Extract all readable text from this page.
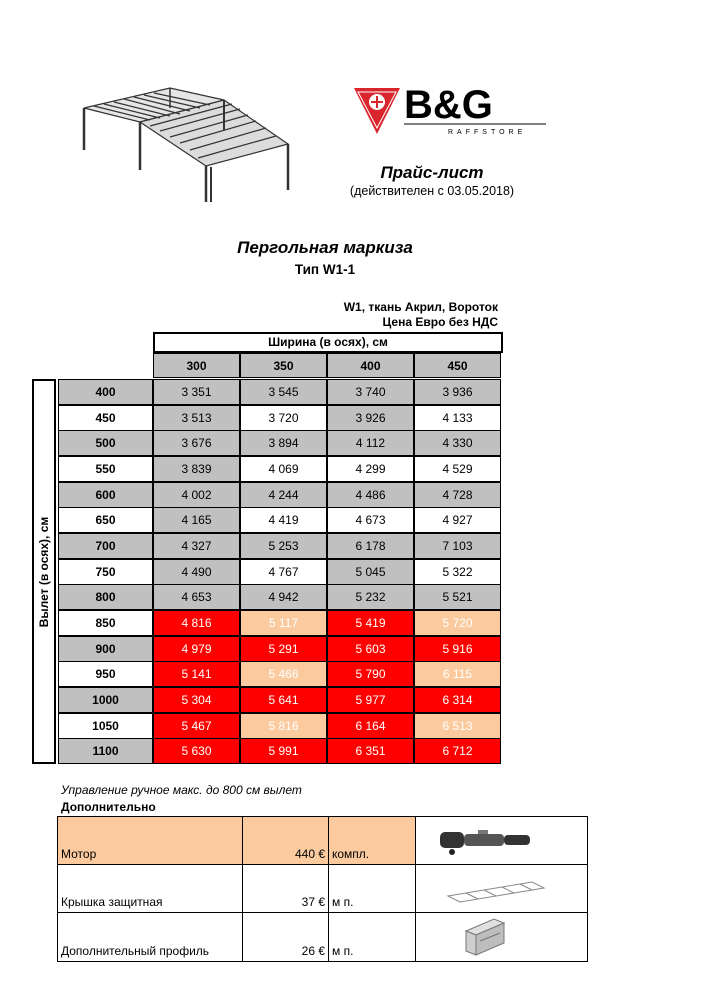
B&G
RAFFSTORE
Прайс-лист
(действителен с 03.05.2018)
Пергольная маркиза
Тип W1-1
W1, ткань Акрил, Вороток
Цена Евро без НДС
Ширина (в осях), см
300	350	400	450
Вылет (в осях), см
400	3 351	3 545	3 740	3 936
450	3 513	3 720	3 926	4 133
500	3 676	3 894	4 112	4 330
550	3 839	4 069	4 299	4 529
600	4 002	4 244	4 486	4 728
650	4 165	4 419	4 673	4 927
700	4 327	5 253	6 178	7 103
750	4 490	4 767	5 045	5 322
800	4 653	4 942	5 232	5 521
850	4 816	5 117	5 419	5 720
900	4 979	5 291	5 603	5 916
950	5 141	5 466	5 790	6 115
1000	5 304	5 641	5 977	6 314
1050	5 467	5 816	6 164	6 513
1100	5 630	5 991	6 351	6 712
Управление ручное макс. до 800 см вылет
Дополнительно
Мотор	440 € компл.
Крышка защитная	37 € м п.
Дополнительный профиль	26 € м п.
